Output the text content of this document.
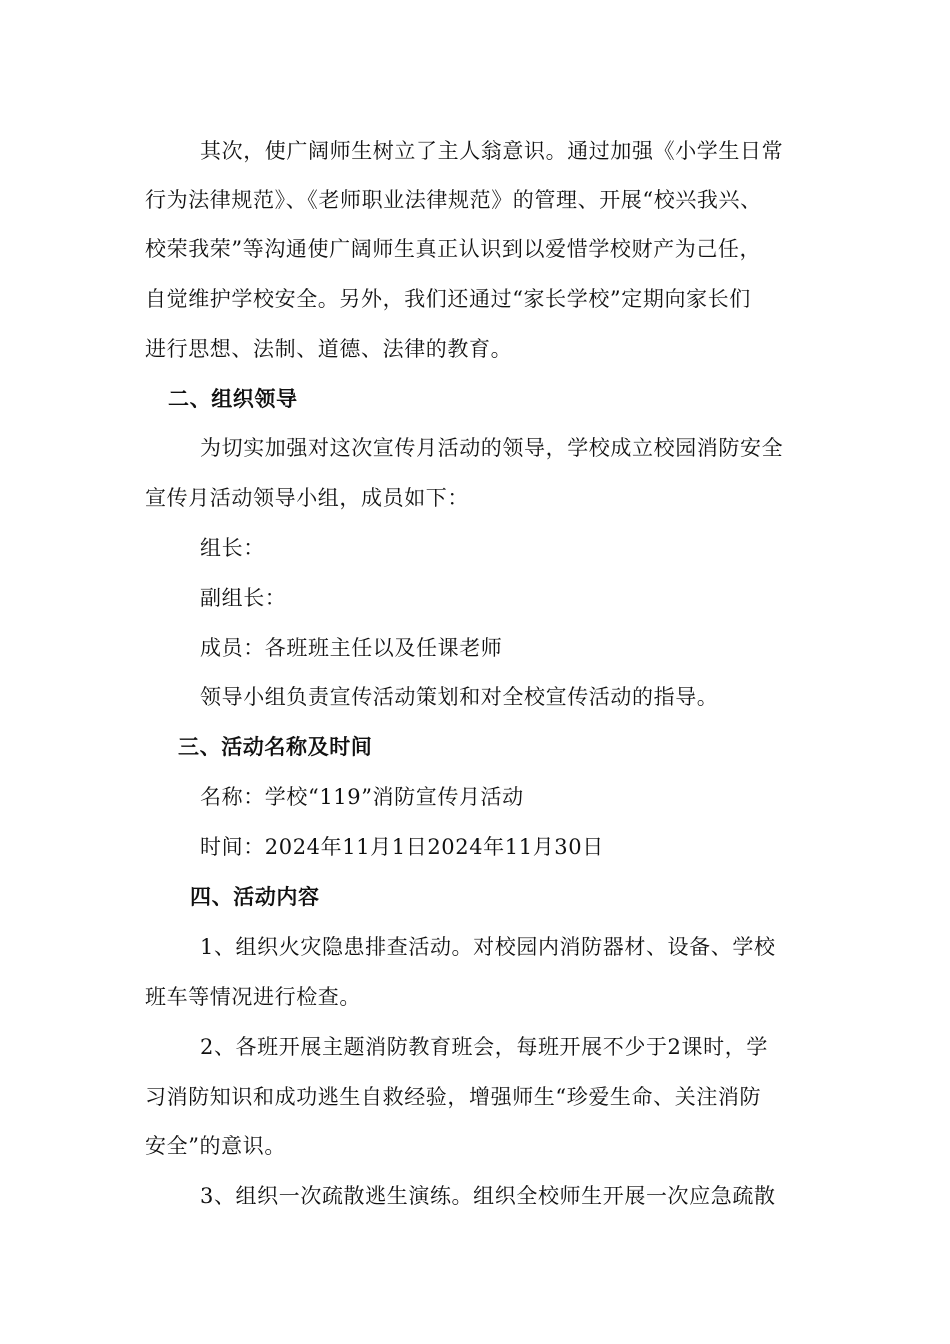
其次，使广阔师生树立了主人翁意识。通过加强《小学生日常
行为法律规范》、《老师职业法律规范》的管理、开展“校兴我兴、
校荣我荣”等沟通使广阔师生真正认识到以爱惜学校财产为己任，
自觉维护学校安全。另外，我们还通过“家长学校”定期向家长们
进行思想、法制、道德、法律的教育。
二、组织领导
为切实加强对这次宣传月活动的领导，学校成立校园消防安全
宣传月活动领导小组，成员如下：
组长：
副组长：
成员：各班班主任以及任课老师
领导小组负责宣传活动策划和对全校宣传活动的指导。
三、活动名称及时间
名称：学校“119”消防宣传月活动
时间：2024年11月1日2024年11月30日
四、活动内容
1、组织火灾隐患排查活动。对校园内消防器材、设备、学校
班车等情况进行检查。
2、各班开展主题消防教育班会，每班开展不少于2课时，学
习消防知识和成功逃生自救经验，增强师生“珍爱生命、关注消防
安全”的意识。
3、组织一次疏散逃生演练。组织全校师生开展一次应急疏散
